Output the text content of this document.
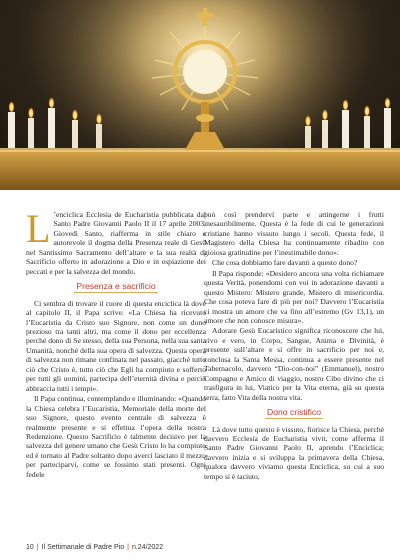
L ’enciclica Ecclesia de Eucharistia pubblicata dal Santo Padre Giovanni Paolo II il 17 aprile 2003, Giovedì Santo, riafferma in stile chiaro e autorevole il dogma della Presenza reale di Gesù nel Santissimo Sacramento dell’altare e la sua realtà di Sacrificio offerto in adorazione a Dio e in espiazione dei peccati e per la salvezza del mondo.

Presenza e sacrificio

Ci sembra di trovare il cuore di questa enciclica là dove al capitolo II, il Papa scrive: «La Chiesa ha ricevuto l’Eucaristia da Cristo suo Signore, non come un dono prezioso tra tanti altri, ma come il dono per eccellenza perché dono di Se stesso, della sua Persona, nella sua santa Umanità, nonché della sua opera di salvezza. Questa opera di salvezza non rimane confinata nel passato, giacché tutto ciò che Cristo è, tutto ciò che Egli ha compiuto e sofferto per tutti gli uomini, partecipa dell’eternità divina e perciò abbraccia tutti i tempi».

Il Papa continua, contemplando e illuminando: «Quando la Chiesa celebra l’Eucaristia, Memoriale della morte del suo Signore, questo evento centrale di salvezza è realmente presente e si effettua l’opera della nostra Redenzione. Questo Sacrificio è talmente decisivo per la salvezza del genere umano che Gesù Cristo lo ha compiuto ed è tornato al Padre soltanto dopo averci lasciato il mezzo per parteciparvi, come se fossimo stati presenti. Ogni fedele

può così prenderví parte e attingerne i frutti inesauribilmente. Questa è la fede di cui le generazioni cristiane hanno vissuto lungo i secoli. Questa fede, il Magistero della Chiesa ha continuamente ribadito con gioiosa gratitudine per l’inestimabile dono».

Che cosa dobbiamo fare davanti a questo dono?

Il Papa risponde: «Desidero ancora una volta richiamare questa Verità, ponendomi con voi in adorazione davanti a questo Mistero: Mistero grande, Mistero di misericordia. Che cosa poteva fare di più per noi? Davvero l’Eucaristia ci mostra un amore che va fino all’estremo (Gv 13,1), un amore che non conosce misura».

Adorare Gesù Eucaristico significa riconoscere che lui, vivo e vero, in Corpo, Sangue, Anima e Divinità, è presente sull’altare e si offre in sacrificio per noi e, conclusa la Santa Messa, continua a essere presente nel Tabernacolo, davvero “Dio-con-noi” (Emmanuel), nostro Compagno e Amico di viaggio, nostro Cibo divino che ci trasfigura in lui, Viatico per la Vita eterna, già su questa terra, fatto Vita della nostra vita.

Dono cristifico

Là dove tutto questo è vissuto, fiorisce la Chiesa, perché davvero Ecclesia de Eucharistia vivit, come afferma il Santo Padre Giovanni Paolo II, aprendo l’Enciclica; davvero inizia e si sviluppa la primavera della Chiesa, qualora davvero viviamo questa Enciclica, su cui a suo tempo si è taciuto,

10 | Il Settimanale di Padre Pio | n.24/2022
